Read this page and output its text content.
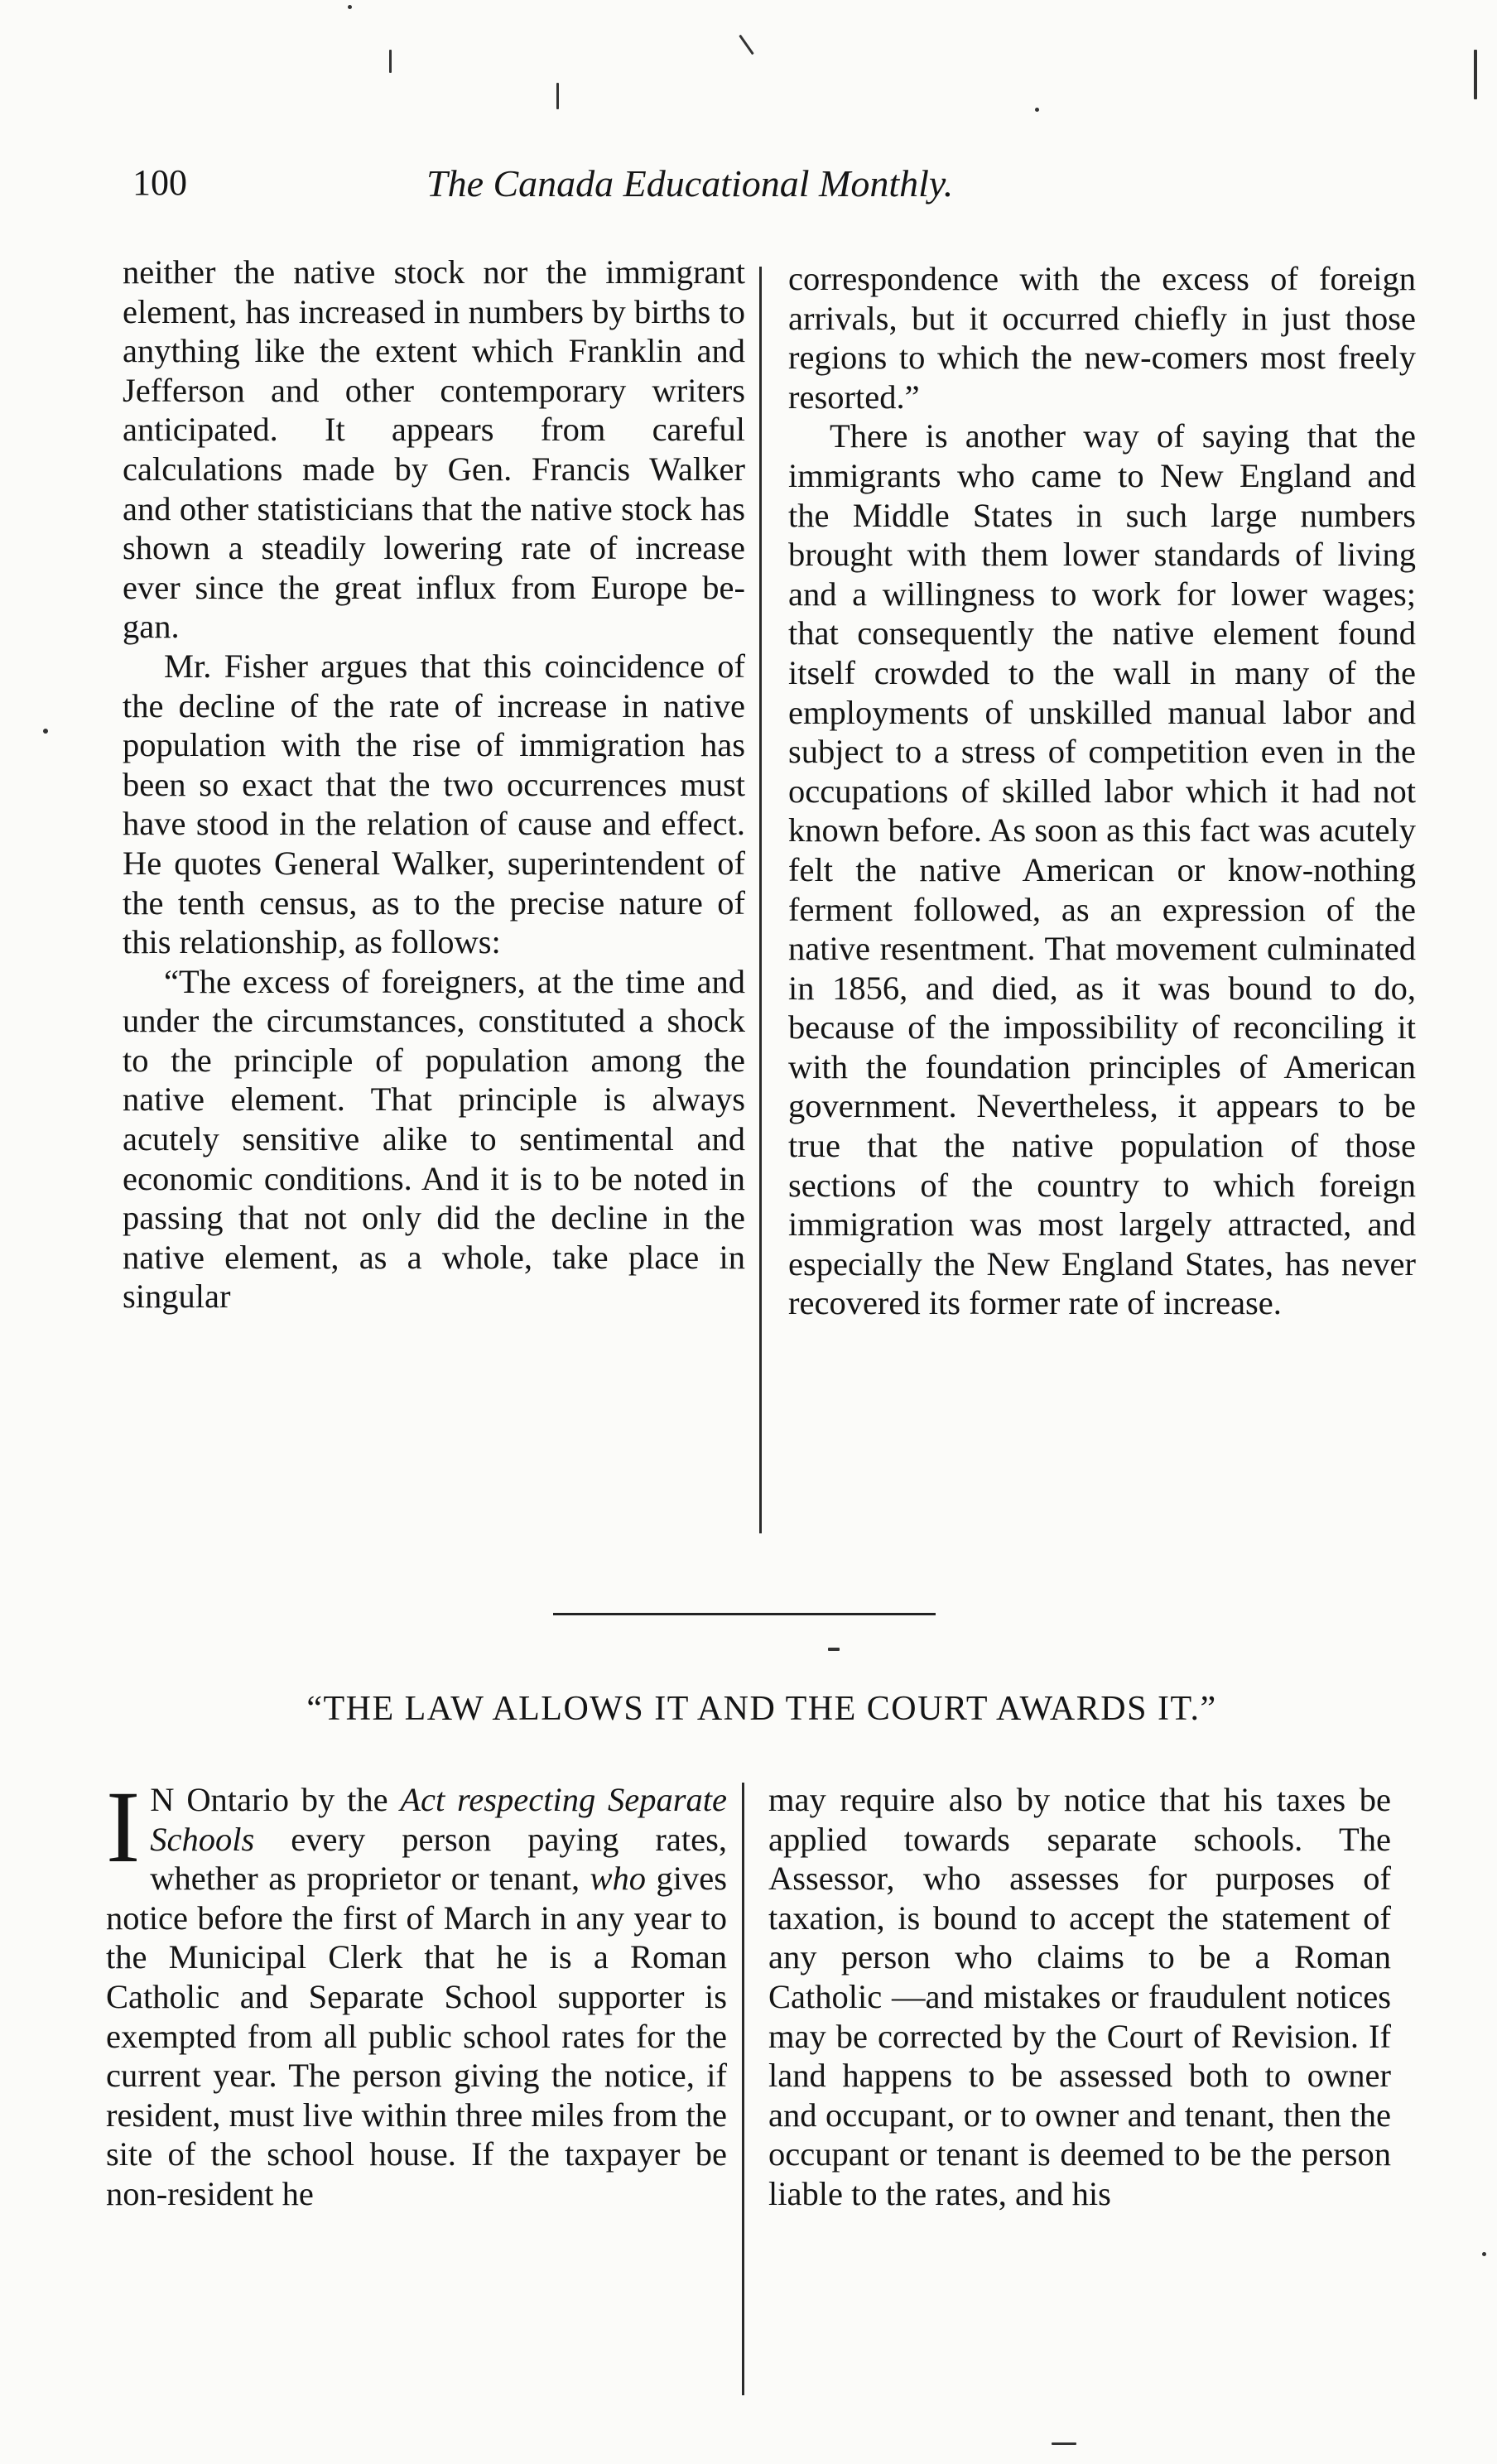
100	The Canada Educational Monthly.

neither the native stock nor the immigrant element, has increased in numbers by births to anything like the extent which Franklin and Jefferson and other contemporary writers anticipated. It appears from careful calculations made by Gen. Francis Walker and other statisticians that the native stock has shown a steadily lowering rate of increase ever since the great influx from Europe began.

Mr. Fisher argues that this coincidence of the decline of the rate of increase in native population with the rise of immigration has been so exact that the two occurrences must have stood in the relation of cause and effect. He quotes General Walker, superintendent of the tenth census, as to the precise nature of this relationship, as follows:

“The excess of foreigners, at the time and under the circumstances, constituted a shock to the principle of population among the native element. That principle is always acutely sensitive alike to sentimental and economic conditions. And it is to be noted in passing that not only did the decline in the native element, as a whole, take place in singular

correspondence with the excess of foreign arrivals, but it occurred chiefly in just those regions to which the new-comers most freely resorted.”

There is another way of saying that the immigrants who came to New England and the Middle States in such large numbers brought with them lower standards of living and a willingness to work for lower wages; that consequently the native element found itself crowded to the wall in many of the employments of unskilled manual labor and subject to a stress of competition even in the occupations of skilled labor which it had not known before. As soon as this fact was acutely felt the native American or know-nothing ferment followed, as an expression of the native resentment. That movement culminated in 1856, and died, as it was bound to do, because of the impossibility of reconciling it with the foundation principles of American government. Nevertheless, it appears to be true that the native population of those sections of the country to which foreign immigration was most largely attracted, and especially the New England States, has never recovered its former rate of increase.

“THE LAW ALLOWS IT AND THE COURT AWARDS IT.”

I N Ontario by the Act respecting Separate Schools every person paying rates, whether as proprietor or tenant, who gives notice before the first of March in any year to the Municipal Clerk that he is a Roman Catholic and Separate School supporter is exempted from all public school rates for the current year. The person giving the notice, if resident, must live within three miles from the site of the school house. If the taxpayer be non-resident he

may require also by notice that his taxes be applied towards separate schools. The Assessor, who assesses for purposes of taxation, is bound to accept the statement of any person who claims to be a Roman Catholic —and mistakes or fraudulent notices may be corrected by the Court of Revision. If land happens to be assessed both to owner and occupant, or to owner and tenant, then the occupant or tenant is deemed to be the person liable to the rates, and his
